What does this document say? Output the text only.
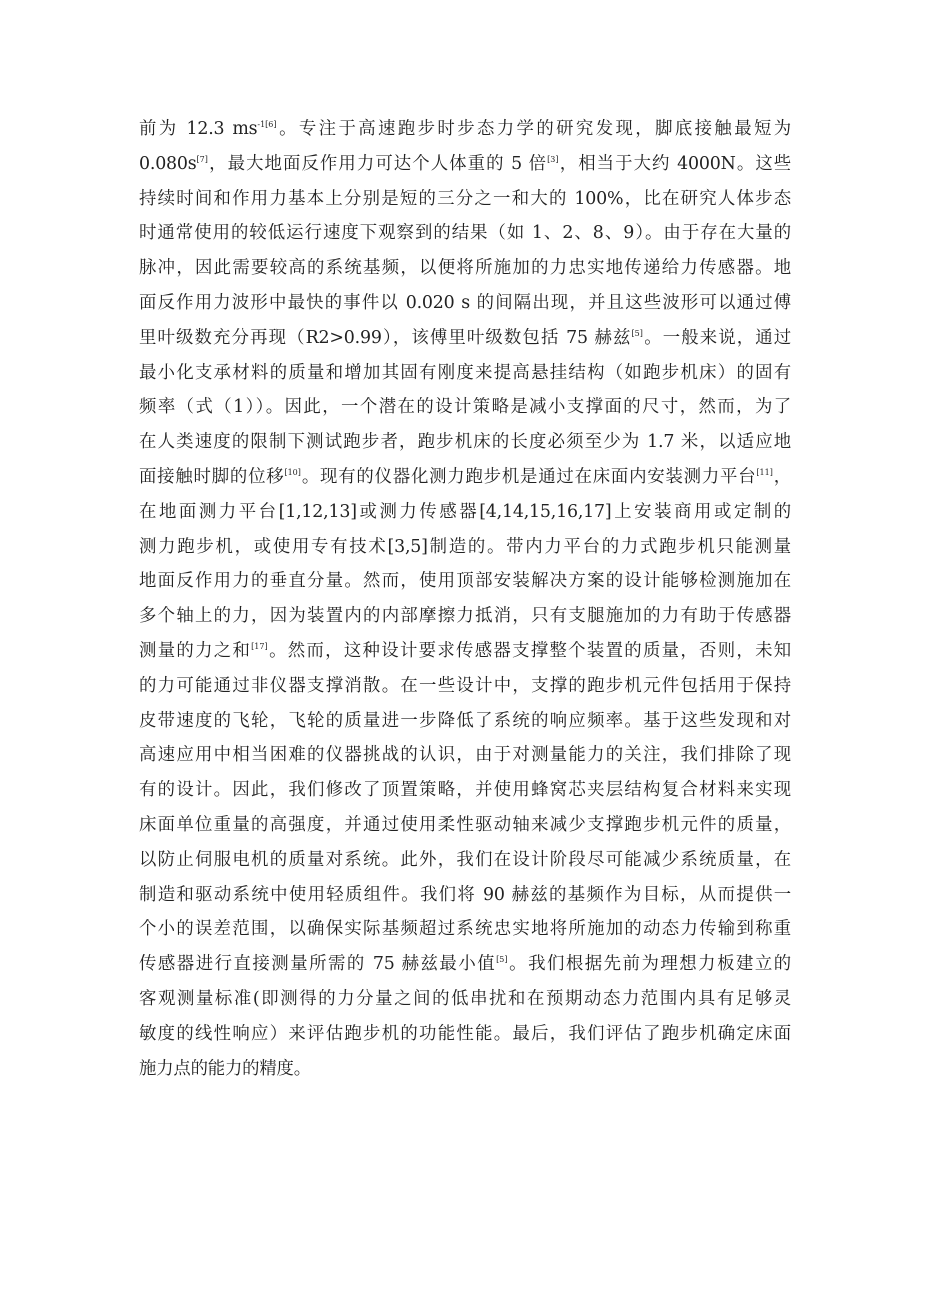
前为 12.3 $ms^{-1[6]}$。专注于高速跑步时步态力学的研究发现，脚底接触最短为
0.080s[7]，最大地面反作用力可达个人体重的 5 倍[3]，相当于大约 4000N。这些
持续时间和作用力基本上分别是短的三分之一和大的 100%，比在研究人体步态
时通常使用的较低运行速度下观察到的结果（如 1、2、8、9）。由于存在大量的
脉冲，因此需要较高的系统基频，以便将所施加的力忠实地传递给力传感器。地
面反作用力波形中最快的事件以 0.020 s 的间隔出现，并且这些波形可以通过傅
里叶级数充分再现（R2>0.99），该傅里叶级数包括 75 赫兹[5]。一般来说，通过
最小化支承材料的质量和增加其固有刚度来提高悬挂结构（如跑步机床）的固有
频率（式（1））。因此，一个潜在的设计策略是减小支撑面的尺寸，然而，为了
在人类速度的限制下测试跑步者，跑步机床的长度必须至少为 1.7 米，以适应地
面接触时脚的位移[10]。现有的仪器化测力跑步机是通过在床面内安装测力平台[11]，
在地面测力平台[1,12,13]或测力传感器[4,14,15,16,17]上安装商用或定制的
测力跑步机，或使用专有技术[3,5]制造的。带内力平台的力式跑步机只能测量
地面反作用力的垂直分量。然而，使用顶部安装解决方案的设计能够检测施加在
多个轴上的力，因为装置内的内部摩擦力抵消，只有支腿施加的力有助于传感器
测量的力之和[17]。然而，这种设计要求传感器支撑整个装置的质量，否则，未知
的力可能通过非仪器支撑消散。在一些设计中，支撑的跑步机元件包括用于保持
皮带速度的飞轮，飞轮的质量进一步降低了系统的响应频率。基于这些发现和对
高速应用中相当困难的仪器挑战的认识，由于对测量能力的关注，我们排除了现
有的设计。因此，我们修改了顶置策略，并使用蜂窝芯夹层结构复合材料来实现
床面单位重量的高强度，并通过使用柔性驱动轴来减少支撑跑步机元件的质量，
以防止伺服电机的质量对系统。此外，我们在设计阶段尽可能减少系统质量，在
制造和驱动系统中使用轻质组件。我们将 90 赫兹的基频作为目标，从而提供一
个小的误差范围，以确保实际基频超过系统忠实地将所施加的动态力传输到称重
传感器进行直接测量所需的 75 赫兹最小值[5]。我们根据先前为理想力板建立的
客观测量标准(即测得的力分量之间的低串扰和在预期动态力范围内具有足够灵
敏度的线性响应）来评估跑步机的功能性能。最后，我们评估了跑步机确定床面
施力点的能力的精度。
